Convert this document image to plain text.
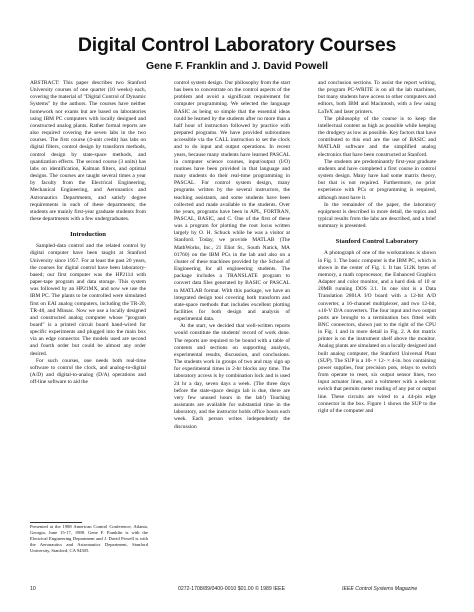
Digital Control Laboratory Courses
Gene F. Franklin and J. David Powell

ABSTRACT: This paper describes two Stanford University courses of one quarter (10 weeks) each, covering the material of "Digital Control of Dynamic Systems" by the authors. The courses have neither homework nor exams but are based on laboratories using IBM PC computers with locally designed and constructed analog plants. Rather formal reports are also required covering the seven labs in the two courses. The first course (4-unit credit) has labs on digital filters, control design by transform methods, control design by state-space methods, and quantization effects. The second course (3 units) has labs on identification, Kalman filters, and optimal designs. The courses are taught several times a year by faculty from the Electrical Engineering, Mechanical Engineering, and Aeronautics and Astronautics Departments, and satisfy degree requirements in each of these departments; the students are mainly first-year graduate students from these departments with a few undergraduates.

Introduction

Sampled-data control and the related control by digital computer have been taught at Stanford University since 1957. For at least the past 20 years, the courses for digital control have been laboratory-based; our first computer was the HP2114 with paper-tape program and data storage. This system was followed by an HP21MX, and now we use the IBM PC. The plants to be controlled were simulated first on EAI analog computers, including the TR-20, TR-48, and Minsac. Now we use a locally designed and constructed analog computer whose "program board" is a printed circuit board hand-wired for specific experiments and plugged into the main box via an edge connector. The models used are second and fourth order but could be almost any order desired.

For such courses, one needs both real-time software to control the clock, and analog-to-digital (A/D) and digital-to-analog (D/A) operations and off-line software to aid the

Presented at the 1988 American Control Conference, Atlanta, Georgia, June 15-17, 1988. Gene F. Franklin is with the Electrical Engineering Department and J. David Powell is with the Aeronautics and Astronautics Department, Stanford University, Stanford, CA 94305.

control system design. Our philosophy from the start has been to concentrate on the control aspects of the problem and avoid a significant requirement for computer programming. We selected the language BASIC as being so simple that the essential ideas could be learned by the students after no more than a half hour of instruction followed by practice with prepared programs. We have provided subroutines accessible via the CALL instruction to set the clock and to do input and output operations. In recent years, because many students have learned PASCAL in computer science courses, input/output (I/O) routines have been provided in that language and many students do their real-time programming in PASCAL. For control system design, many programs written by the several instructors, the teaching assistants, and some students have been collected and made available to the students. Over the years, programs have been in APL, FORTRAN, PASCAL, BASIC, and C. One of the first of these was a program for plotting the root locus written largely by O. H. Schuck while he was a visitor at Stanford. Today, we provide MATLAB (The MathWorks, Inc., 21 Eliot St., South Natick, MA 01760) on the IBM PCs in the lab and also on a cluster of these machines provided by the School of Engineering for all engineering students. The package includes a TRANSLATE program to convert data files generated by BASIC or PASCAL to MATLAB format. With this package, we have an integrated design tool covering both transform and state-space methods that includes excellent plotting facilities for both design and analysis of experimental data.

At the start, we decided that well-written reports would constitute the students' record of work done. The reports are required to be bound with a table of contents and sections on supporting analysis, experimental results, discussion, and conclusions. The students work in groups of two and may sign up for experimental times in 2-hr blocks any time. The laboratory access is by combination lock and is used 24 hr a day, seven days a week. (The three days before the state-space design lab is due, there are very few unused hours in the lab!) Teaching assistants are available for substantial time in the laboratory, and the instructor holds office hours each week. Each person writes independently the discussion

and conclusion sections. To assist the report writing, the program PC-WRITE is on all the lab machines, but many students have access to other computers and editors, both IBM and Macintosh, with a few using LaTeX and laser printers.

The philosophy of the course is to keep the intellectual content as high as possible while keeping the drudgery as low as possible. Key factors that have contributed to this end are the use of BASIC and MATLAB software and the simplified analog electronics that have been constructed at Stanford.

The students are predominantly first-year graduate students and have completed a first course in control system design. Many have had some matrix theory, but that is not required. Furthermore, no prior experience with PCs or programming is required, although most have it.

In the remainder of the paper, the laboratory equipment is described in more detail, the topics and typical results from the labs are described, and a brief summary is presented.

Stanford Control Laboratory

A photograph of one of the workstations is shown in Fig. 1. The basic computer is the IBM PC, which is shown in the center of Fig. 1. It has 512K bytes of memory, a math coprocessor, the Enhanced Graphics Adapter and color monitor, and a hard disk of 10 or 20MB running DOS 3.1. In one slot is a Data Translation 2801A I/O board with a 12-bit A/D converter, a 16-channel multiplexer, and two 12-bit, ±10-V D/A converters. The four input and two output ports are brought to a termination box fitted with BNC connectors, shown just to the right of the CPU in Fig. 1 and in more detail in Fig. 2. A dot matrix printer is on the instrument shelf above the monitor. Analog plants are simulated on a locally designed and built analog computer, the Stanford Universal Plant (SUP). The SUP is a 10- × 12- × 4-in. box containing power supplies, four precision pots, relays to switch from operate to reset, six output sensor lines, two input actuator lines, and a voltmeter with a selector switch that permits meter reading of any pot or output line. These circuits are wired to a 44-pin edge connector in the box. Figure 1 shows the SUP to the right of the computer and

10	0272-1708/89/0400-0010 $01.00 © 1989 IEEE	IEEE Control Systems Magazine
